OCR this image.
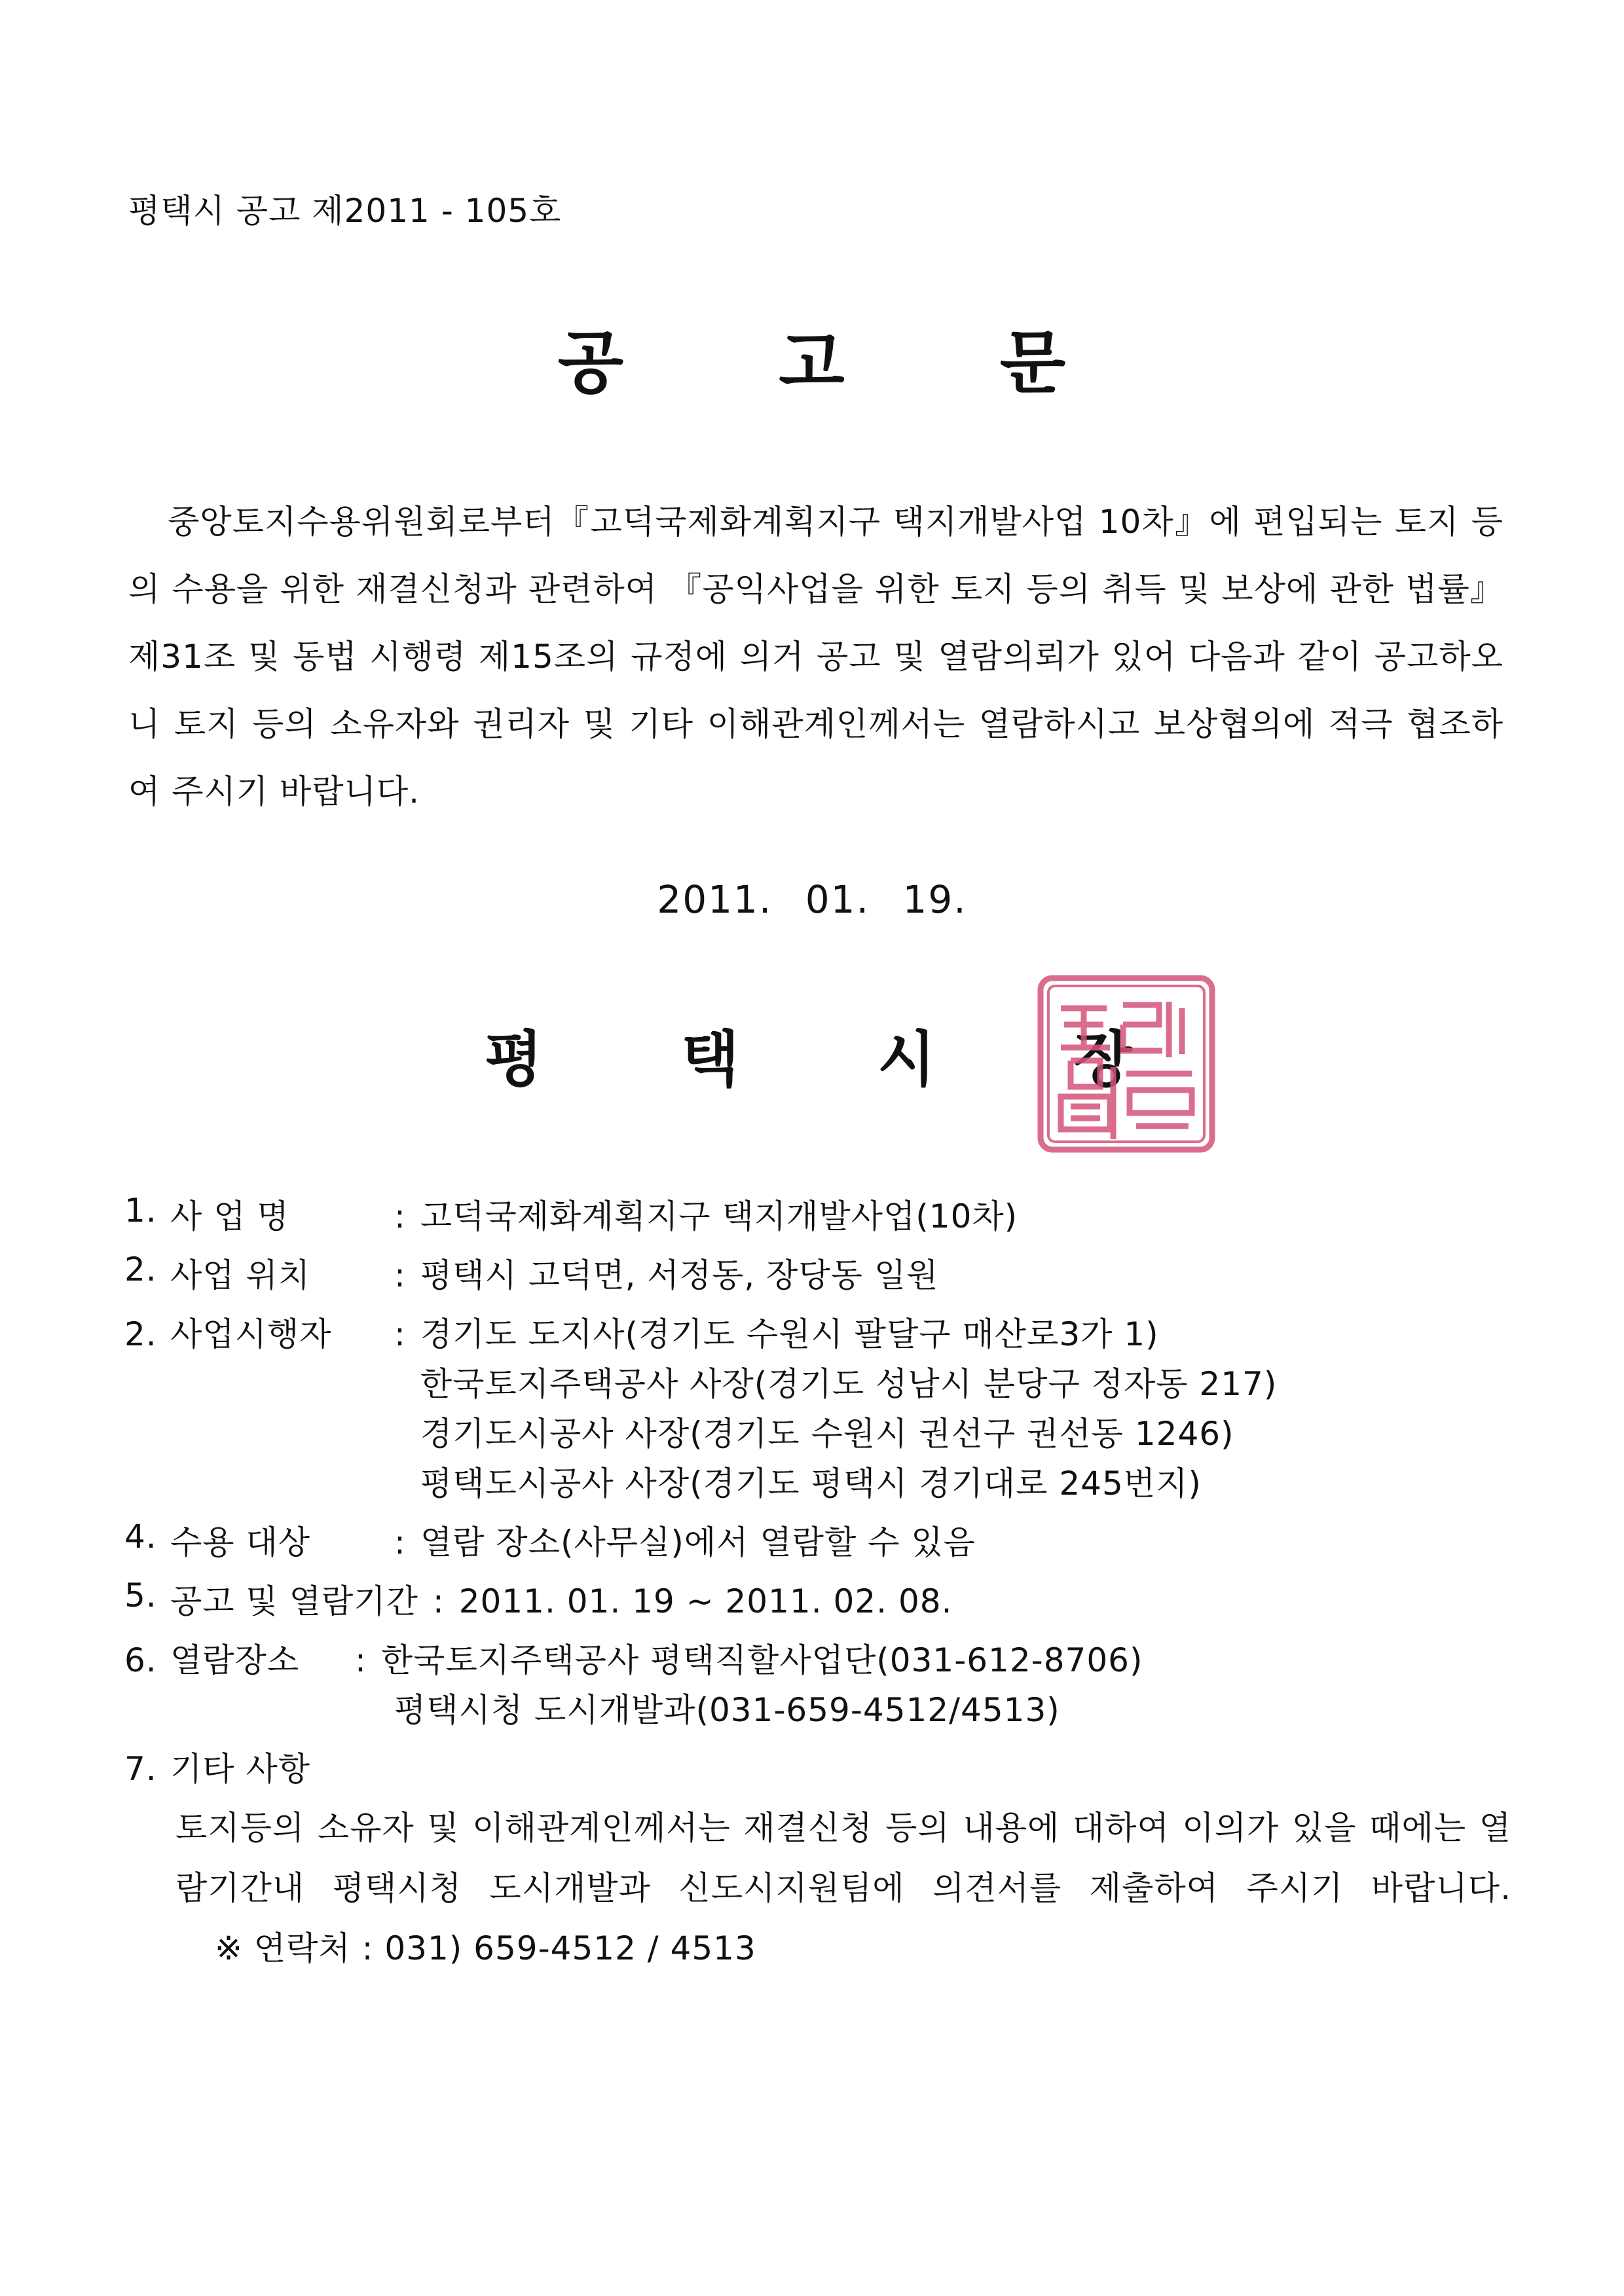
평택시 공고 제2011 - 105호
공 고 문
중앙토지수용위원회로부터『고덕국제화계획지구 택지개발사업 10차』에 편입되는 토지 등의 수용을 위한 재결신청과 관련하여 『공익사업을 위한 토지 등의 취득 및 보상에 관한 법률』제31조 및 동법 시행령 제15조의 규정에 의거 공고 및 열람의뢰가 있어 다음과 같이 공고하오니 토지 등의 소유자와 권리자 및 기타 이해관계인께서는 열람하시고 보상협의에 적극 협조하여 주시기 바랍니다.
2011. 01. 19.
평 택 시 장
1. 사 업 명	: 고덕국제화계획지구 택지개발사업(10차)
2. 사업 위치	: 평택시 고덕면, 서정동, 장당동 일원
2. 사업시행자	: 경기도 도지사(경기도 수원시 팔달구 매산로3가 1)
한국토지주택공사 사장(경기도 성남시 분당구 정자동 217)
경기도시공사 사장(경기도 수원시 권선구 권선동 1246)
평택도시공사 사장(경기도 평택시 경기대로 245번지)
4. 수용 대상	: 열람 장소(사무실)에서 열람할 수 있음
5. 공고 및 열람기간 : 2011. 01. 19 ~ 2011. 02. 08.
6. 열람장소	: 한국토지주택공사 평택직할사업단(031-612-8706)
평택시청 도시개발과(031-659-4512/4513)
7. 기타 사항
토지등의 소유자 및 이해관계인께서는 재결신청 등의 내용에 대하여 이의가 있을 때에는 열람기간내 평택시청 도시개발과 신도시지원팀에 의견서를 제출하여 주시기 바랍니다. ※ 연락처 : 031) 659-4512 / 4513
